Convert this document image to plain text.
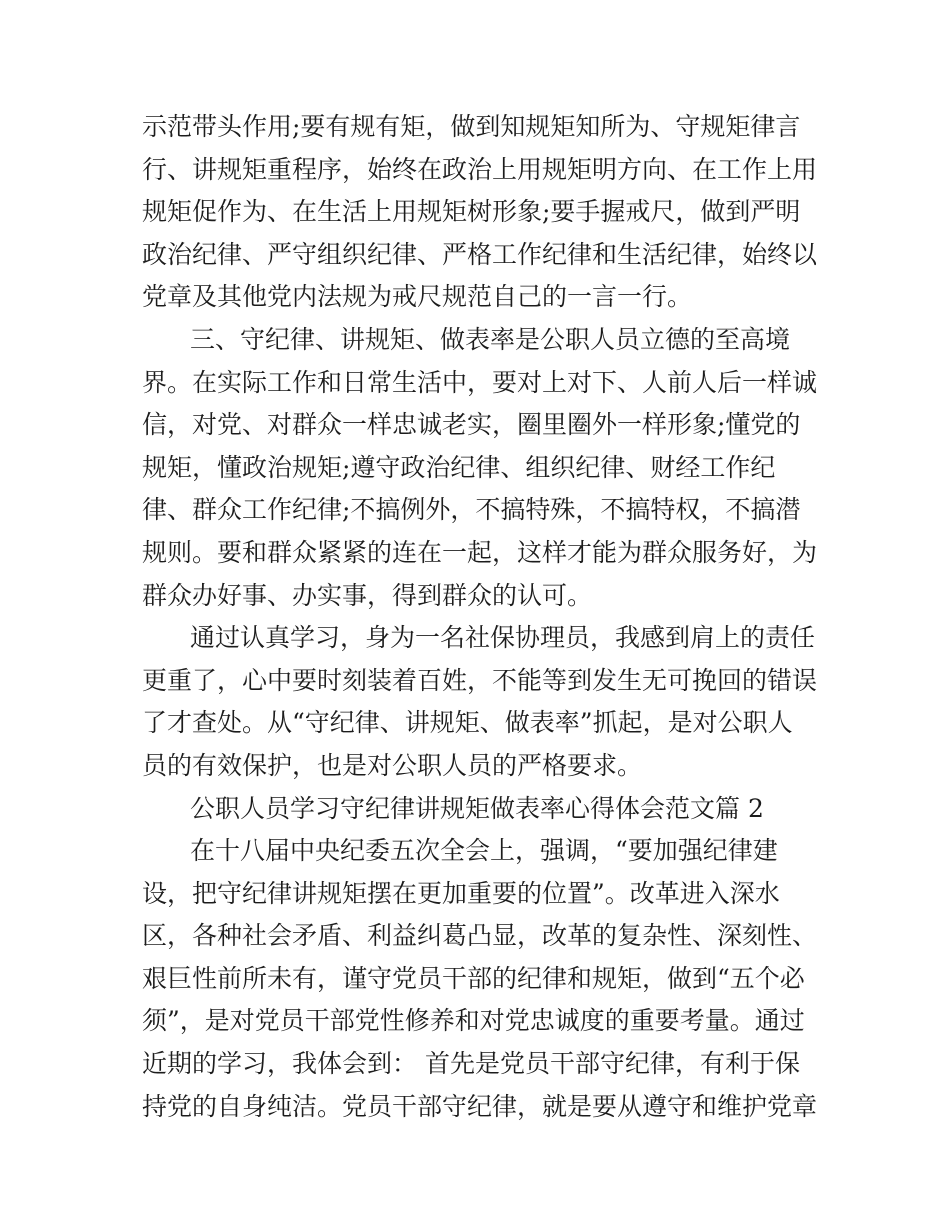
示范带头作用;要有规有矩，做到知规矩知所为、守规矩律言
行、讲规矩重程序，始终在政治上用规矩明方向、在工作上用
规矩促作为、在生活上用规矩树形象;要手握戒尺，做到严明
政治纪律、严守组织纪律、严格工作纪律和生活纪律，始终以
党章及其他党内法规为戒尺规范自己的一言一行。
三、守纪律、讲规矩、做表率是公职人员立德的至高境
界。在实际工作和日常生活中，要对上对下、人前人后一样诚
信，对党、对群众一样忠诚老实，圈里圈外一样形象;懂党的
规矩，懂政治规矩;遵守政治纪律、组织纪律、财经工作纪
律、群众工作纪律;不搞例外，不搞特殊，不搞特权，不搞潜
规则。要和群众紧紧的连在一起，这样才能为群众服务好，为
群众办好事、办实事，得到群众的认可。
通过认真学习，身为一名社保协理员，我感到肩上的责任
更重了，心中要时刻装着百姓，不能等到发生无可挽回的错误
了才查处。从“守纪律、讲规矩、做表率”抓起，是对公职人
员的有效保护，也是对公职人员的严格要求。
公职人员学习守纪律讲规矩做表率心得体会范文篇 2
在十八届中央纪委五次全会上，强调，“要加强纪律建
设，把守纪律讲规矩摆在更加重要的位置”。改革进入深水
区，各种社会矛盾、利益纠葛凸显，改革的复杂性、深刻性、
艰巨性前所未有，谨守党员干部的纪律和规矩，做到“五个必
须”，是对党员干部党性修养和对党忠诚度的重要考量。通过
近期的学习，我体会到： 首先是党员干部守纪律，有利于保
持党的自身纯洁。党员干部守纪律，就是要从遵守和维护党章
